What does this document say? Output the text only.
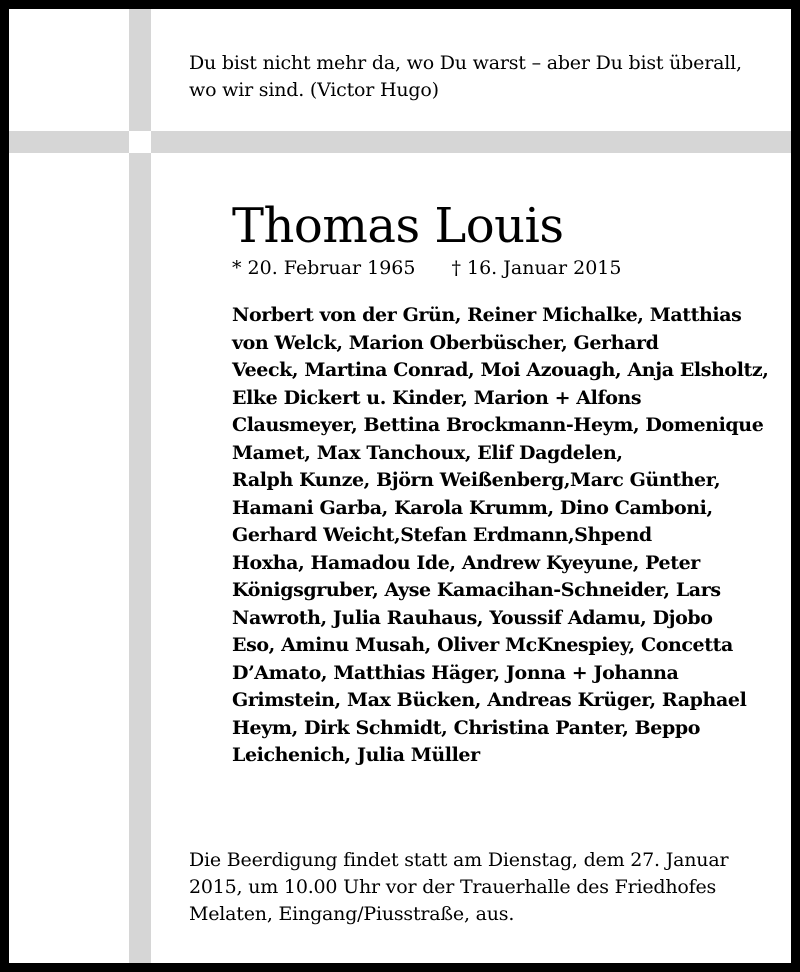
Du bist nicht mehr da, wo Du warst – aber Du bist überall,
wo wir sind. (Victor Hugo)
Thomas Louis
* 20. Februar 1965 † 16. Januar 2015
Norbert von der Grün, Reiner Michalke, Matthias
von Welck, Marion Oberbüscher, Gerhard
Veeck, Martina Conrad, Moi Azouagh, Anja Elsholtz,
Elke Dickert u. Kinder, Marion + Alfons
Clausmeyer, Bettina Brockmann-Heym, Domenique
Mamet, Max Tanchoux, Elif Dagdelen,
Ralph Kunze, Björn Weißenberg,Marc Günther,
Hamani Garba, Karola Krumm, Dino Camboni,
Gerhard Weicht,Stefan Erdmann,Shpend
Hoxha, Hamadou Ide, Andrew Kyeyune, Peter
Königsgruber, Ayse Kamacihan-Schneider, Lars
Nawroth, Julia Rauhaus, Youssif Adamu, Djobo
Eso, Aminu Musah, Oliver McKnespiey, Concetta
D’Amato, Matthias Häger, Jonna + Johanna
Grimstein, Max Bücken, Andreas Krüger, Raphael
Heym, Dirk Schmidt, Christina Panter, Beppo
Leichenich, Julia Müller
Die Beerdigung findet statt am Dienstag, dem 27. Januar
2015, um 10.00 Uhr vor der Trauerhalle des Friedhofes
Melaten, Eingang/Piusstraße, aus.
